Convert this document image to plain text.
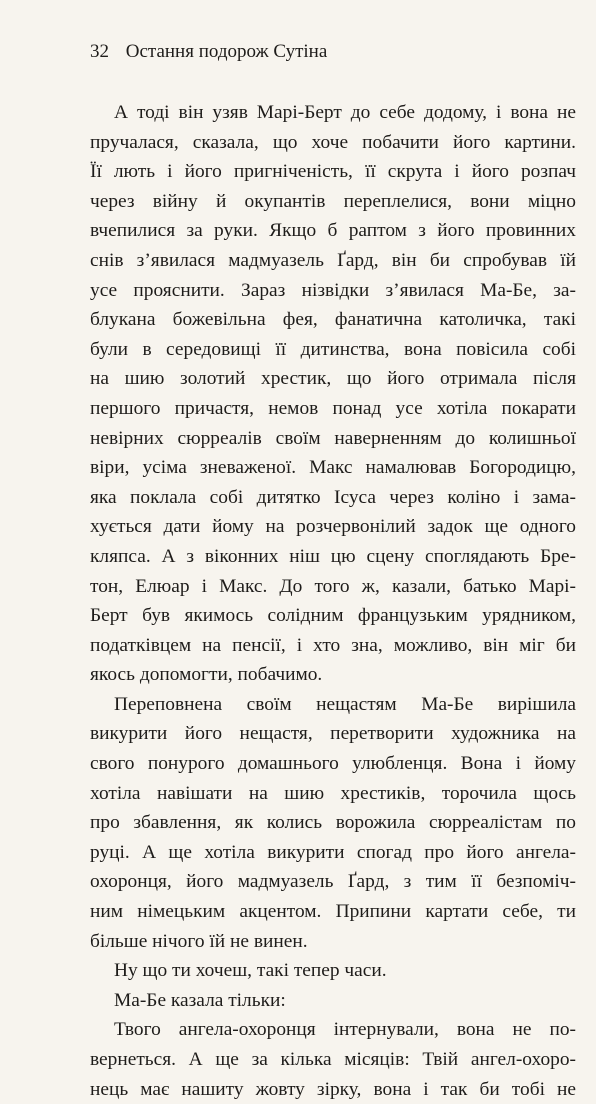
32 Остання подорож Сутіна
А тоді він узяв Марі-Берт до себе додому, і вона не
пручалася, сказала, що хоче побачити його картини.
Її лють і його пригніченість, її скрута і його розпач
через війну й окупантів переплелися, вони міцно
вчепилися за руки. Якщо б раптом з його провинних
снів з’явилася мадмуазель Ґард, він би спробував їй
усе прояснити. Зараз нізвідки з’явилася Ма-Бе, за-
блукана божевільна фея, фанатична католичка, такі
були в середовищі її дитинства, вона повісила собі
на шию золотий хрестик, що його отримала після
першого причастя, немов понад усе хотіла покарати
невірних сюрреалів своїм наверненням до колишньої
віри, усіма зневаженої. Макс намалював Богородицю,
яка поклала собі дитятко Ісуса через коліно і зама-
хується дати йому на розчервонілий задок ще одного
кляпса. А з віконних ніш цю сцену споглядають Бре-
тон, Елюар і Макс. До того ж, казали, батько Марі-
Берт був якимось солідним французьким урядником,
податківцем на пенсії, і хто зна, можливо, він міг би
якось допомогти, побачимо.
Переповнена своїм нещастям Ма-Бе вирішила
викурити його нещастя, перетворити художника на
свого понурого домашнього улюбленця. Вона і йому
хотіла навішати на шию хрестиків, торочила щось
про збавлення, як колись ворожила сюрреалістам по
руці. А ще хотіла викурити спогад про його ангела-
охоронця, його мадмуазель Ґард, з тим її безпоміч-
ним німецьким акцентом. Припини картати себе, ти
більше нічого їй не винен.
Ну що ти хочеш, такі тепер часи.
Ма-Бе казала тільки:
Твого ангела-охоронця інтернували, вона не по-
вернеться. А ще за кілька місяців: Твій ангел-охоро-
нець має нашиту жовту зірку, вона і так би тобі не
